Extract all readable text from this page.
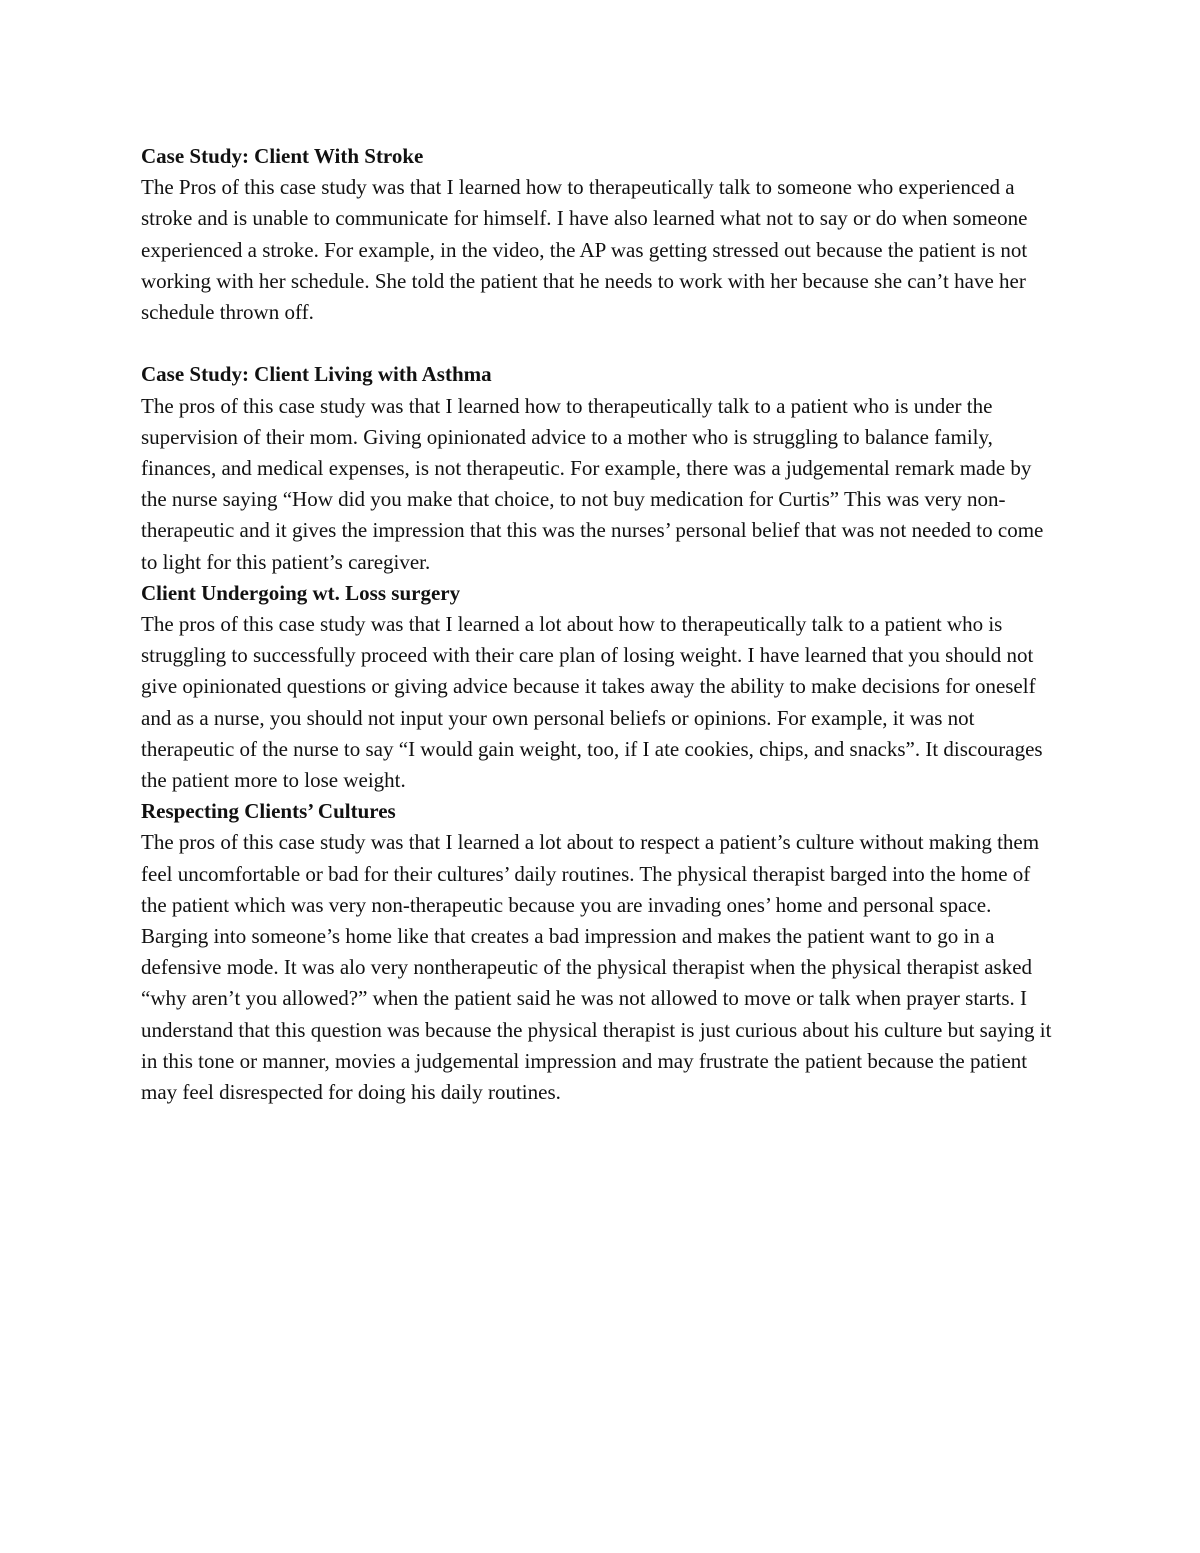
Case Study: Client With Stroke

The Pros of this case study was that I learned how to therapeutically talk to someone who experienced a stroke and is unable to communicate for himself. I have also learned what not to say or do when someone experienced a stroke. For example, in the video, the AP was getting stressed out because the patient is not working with her schedule. She told the patient that he needs to work with her because she can’t have her schedule thrown off.

Case Study: Client Living with Asthma

The pros of this case study was that I learned how to therapeutically talk to a patient who is under the supervision of their mom. Giving opinionated advice to a mother who is struggling to balance family, finances, and medical expenses, is not therapeutic. For example, there was a judgemental remark made by the nurse saying “How did you make that choice, to not buy medication for Curtis” This was very non-therapeutic and it gives the impression that this was the nurses’ personal belief that was not needed to come to light for this patient’s caregiver.

Client Undergoing wt. Loss surgery

The pros of this case study was that I learned a lot about how to therapeutically talk to a patient who is struggling to successfully proceed with their care plan of losing weight. I have learned that you should not give opinionated questions or giving advice because it takes away the ability to make decisions for oneself and as a nurse, you should not input your own personal beliefs or opinions. For example, it was not therapeutic of the nurse to say “I would gain weight, too, if I ate cookies, chips, and snacks”. It discourages the patient more to lose weight.

Respecting Clients’ Cultures

The pros of this case study was that I learned a lot about to respect a patient’s culture without making them feel uncomfortable or bad for their cultures’ daily routines. The physical therapist barged into the home of the patient which was very non-therapeutic because you are invading ones’ home and personal space. Barging into someone’s home like that creates a bad impression and makes the patient want to go in a defensive mode. It was alo very nontherapeutic of the physical therapist when the physical therapist asked “why aren’t you allowed?” when the patient said he was not allowed to move or talk when prayer starts. I understand that this question was because the physical therapist is just curious about his culture but saying it in this tone or manner, movies a judgemental impression and may frustrate the patient because the patient may feel disrespected for doing his daily routines.
